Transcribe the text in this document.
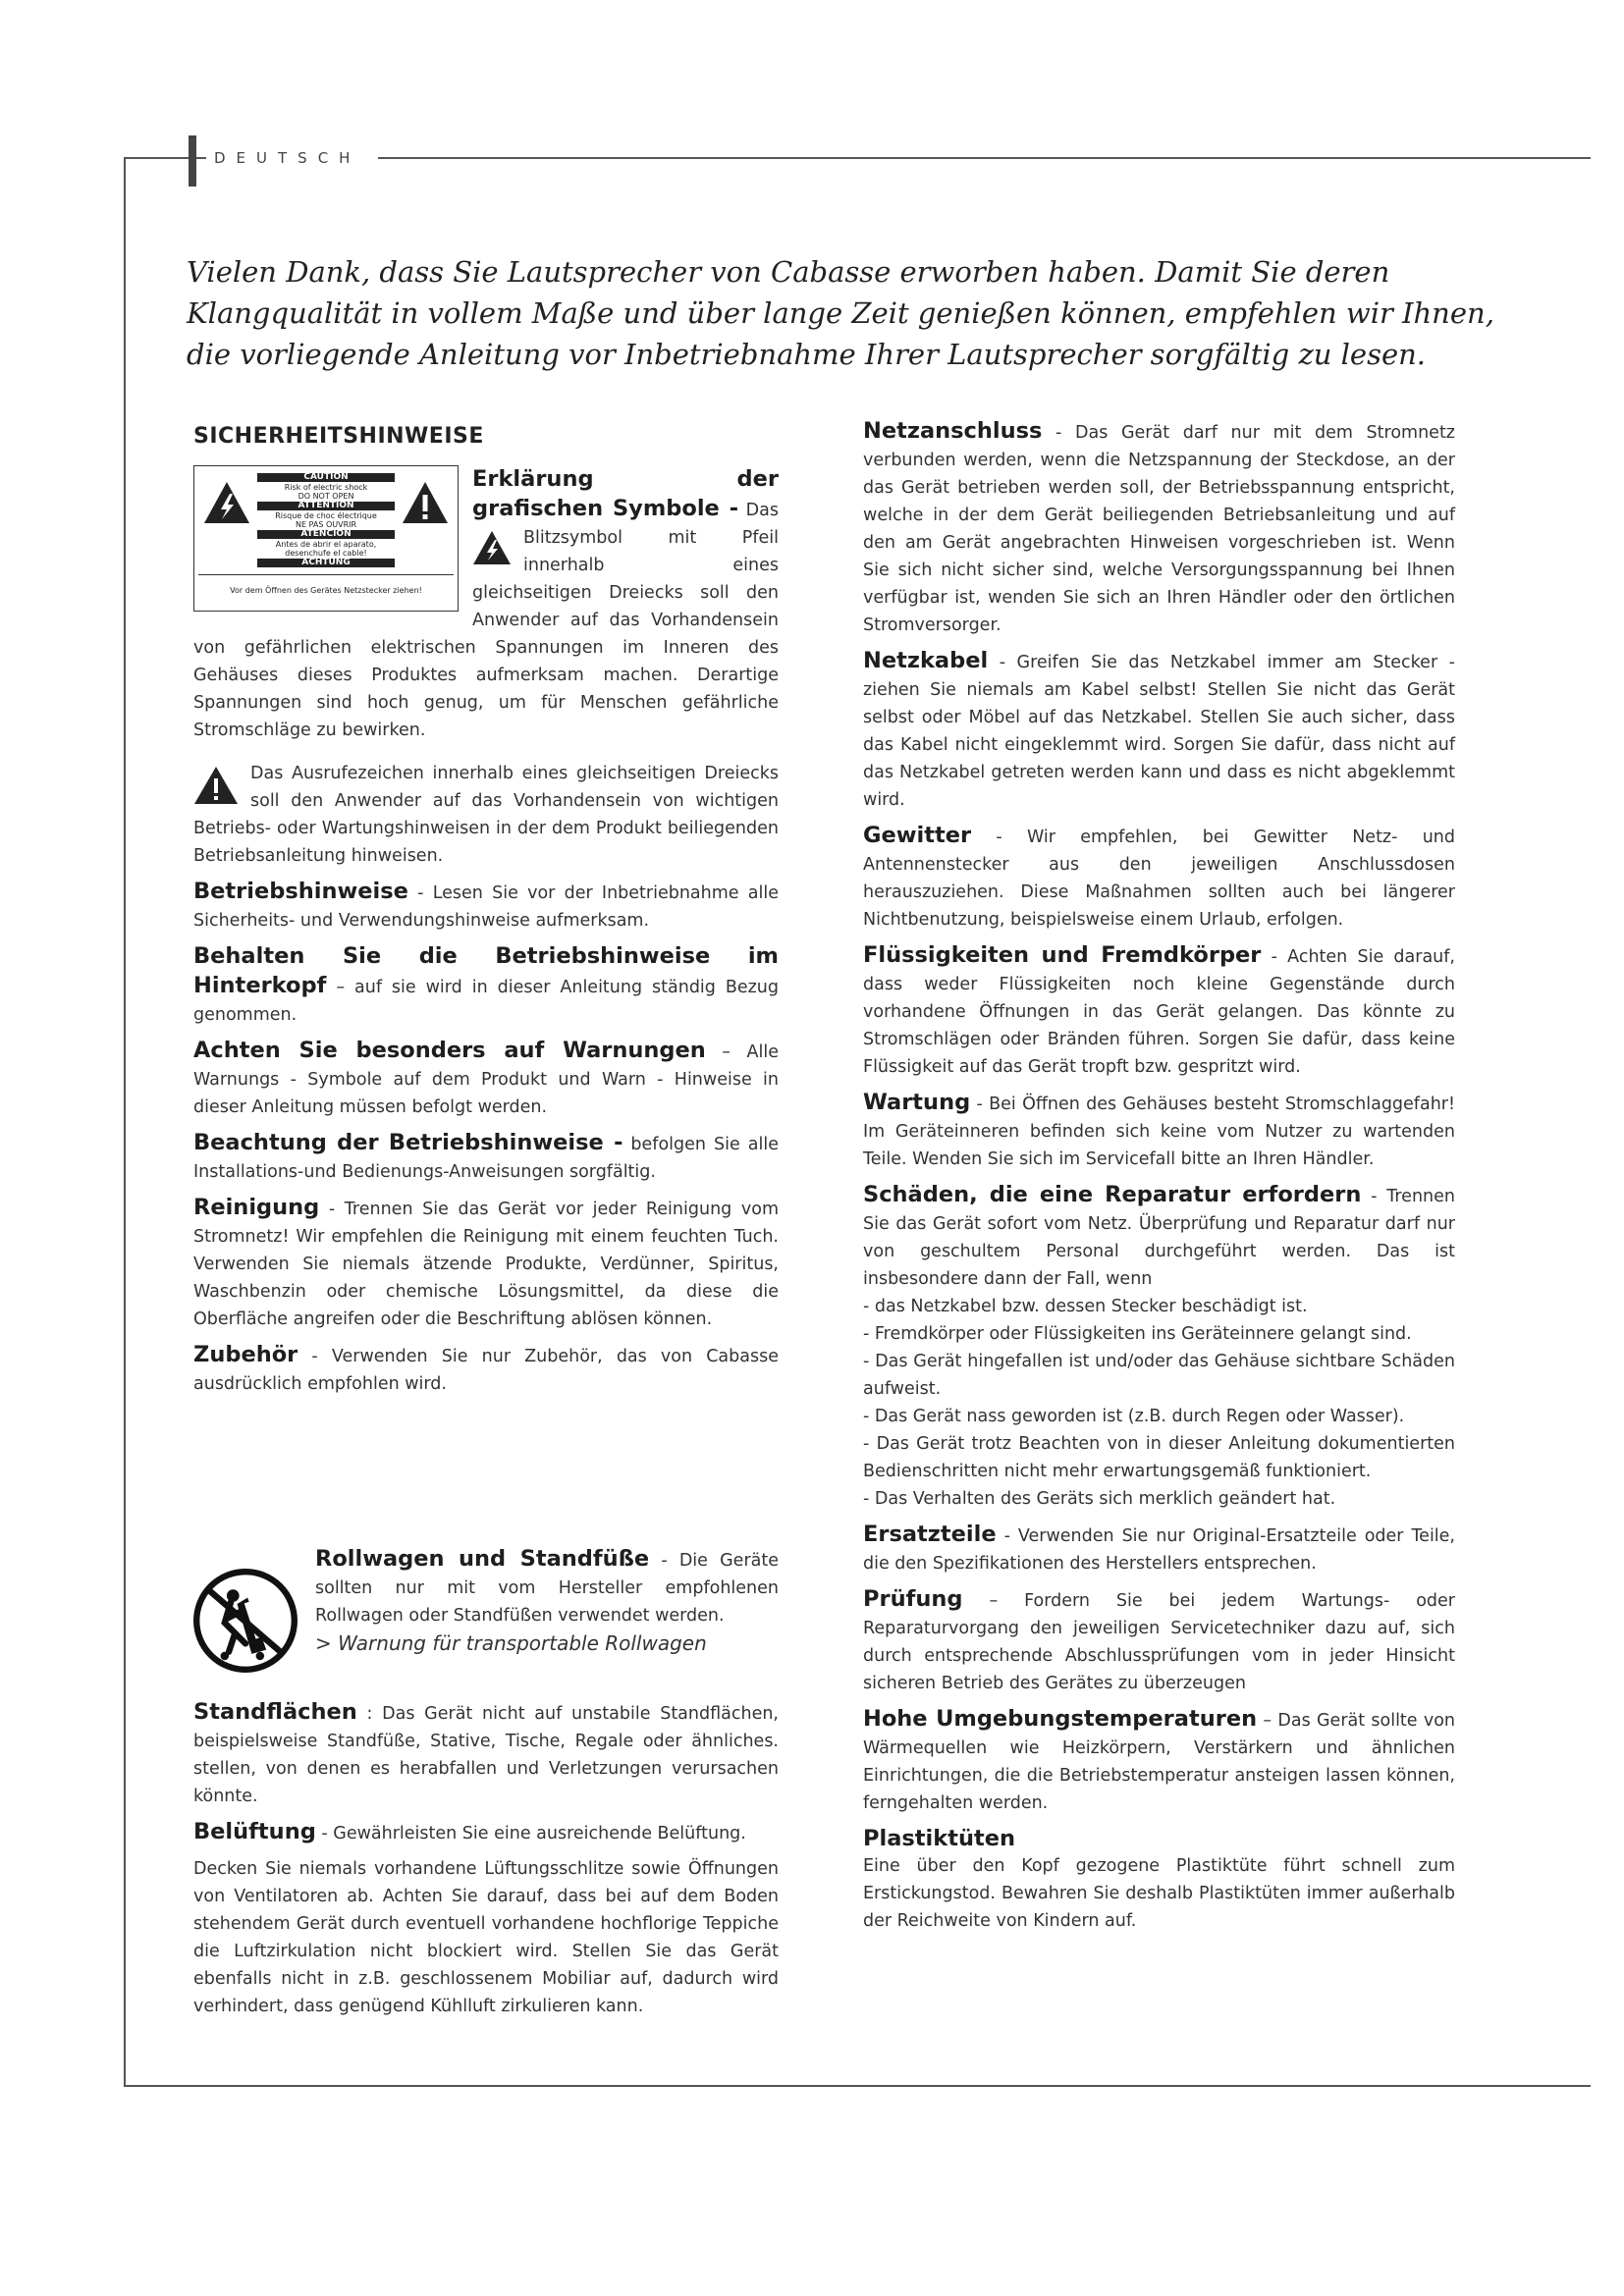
DEUTSCH
Vielen Dank, dass Sie Lautsprecher von Cabasse erworben haben. Damit Sie deren
Klangqualität in vollem Maße und über lange Zeit genießen können, empfehlen wir Ihnen,
die vorliegende Anleitung vor Inbetriebnahme Ihrer Lautsprecher sorgfältig zu lesen.
SICHERHEITSHINWEISE
CAUTION
Risk of electric shock
DO NOT OPEN
ATTENTION
Risque de choc électrique
NE PAS OUVRIR
ATENCIÓN
Antes de abrir el aparato, desenchufe el cable!
ACHTUNG
Vor dem Öffnen des Gerätes Netzstecker ziehen!

Erklärung der grafischen Symbole - Das Blitzsymbol mit Pfeil innerhalb eines gleichseitigen Dreiecks soll den Anwender auf das Vorhandensein von gefährlichen elektrischen Spannungen im Inneren des Gehäuses dieses Produktes aufmerksam machen. Derartige Spannungen sind hoch genug, um für Menschen gefährliche Stromschläge zu bewirken.

Das Ausrufezeichen innerhalb eines gleichseitigen Dreiecks soll den Anwender auf das Vorhandensein von wichtigen Betriebs- oder Wartungshinweisen in der dem Produkt beiliegenden Betriebsanleitung hinweisen.

Betriebshinweise - Lesen Sie vor der Inbetriebnahme alle Sicherheits- und Verwendungshinweise aufmerksam.

Behalten Sie die Betriebshinweise im Hinterkopf – auf sie wird in dieser Anleitung ständig Bezug genommen.

Achten Sie besonders auf Warnungen – Alle Warnungs - Symbole auf dem Produkt und Warn - Hinweise in dieser Anleitung müssen befolgt werden.

Beachtung der Betriebshinweise - befolgen Sie alle Installations-und Bedienungs-Anweisungen sorgfältig.

Reinigung - Trennen Sie das Gerät vor jeder Reinigung vom Stromnetz! Wir empfehlen die Reinigung mit einem feuchten Tuch. Verwenden Sie niemals ätzende Produkte, Verdünner, Spiritus, Waschbenzin oder chemische Lösungsmittel, da diese die Oberfläche angreifen oder die Beschriftung ablösen können.

Zubehör - Verwenden Sie nur Zubehör, das von Cabasse ausdrücklich empfohlen wird.

Rollwagen und Standfüße - Die Geräte sollten nur mit vom Hersteller empfohlenen Rollwagen oder Standfüßen verwendet werden.
> Warnung für transportable Rollwagen

Standflächen : Das Gerät nicht auf unstabile Standflächen, beispielsweise Standfüße, Stative, Tische, Regale oder ähnliches. stellen, von denen es herabfallen und Verletzungen verursachen könnte.

Belüftung - Gewährleisten Sie eine ausreichende Belüftung.

Decken Sie niemals vorhandene Lüftungsschlitze sowie Öffnungen von Ventilatoren ab. Achten Sie darauf, dass bei auf dem Boden stehendem Gerät durch eventuell vorhandene hochflorige Teppiche die Luftzirkulation nicht blockiert wird. Stellen Sie das Gerät ebenfalls nicht in z.B. geschlossenem Mobiliar auf, dadurch wird verhindert, dass genügend Kühlluft zirkulieren kann.

Netzanschluss - Das Gerät darf nur mit dem Stromnetz verbunden werden, wenn die Netzspannung der Steckdose, an der das Gerät betrieben werden soll, der Betriebsspannung entspricht, welche in der dem Gerät beiliegenden Betriebsanleitung und auf den am Gerät angebrachten Hinweisen vorgeschrieben ist. Wenn Sie sich nicht sicher sind, welche Versorgungsspannung bei Ihnen verfügbar ist, wenden Sie sich an Ihren Händler oder den örtlichen Stromversorger.

Netzkabel - Greifen Sie das Netzkabel immer am Stecker - ziehen Sie niemals am Kabel selbst! Stellen Sie nicht das Gerät selbst oder Möbel auf das Netzkabel. Stellen Sie auch sicher, dass das Kabel nicht eingeklemmt wird. Sorgen Sie dafür, dass nicht auf das Netzkabel getreten werden kann und dass es nicht abgeklemmt wird.

Gewitter - Wir empfehlen, bei Gewitter Netz- und Antennenstecker aus den jeweiligen Anschlussdosen herauszuziehen. Diese Maßnahmen sollten auch bei längerer Nichtbenutzung, beispielsweise einem Urlaub, erfolgen.

Flüssigkeiten und Fremdkörper - Achten Sie darauf, dass weder Flüssigkeiten noch kleine Gegenstände durch vorhandene Öffnungen in das Gerät gelangen. Das könnte zu Stromschlägen oder Bränden führen. Sorgen Sie dafür, dass keine Flüssigkeit auf das Gerät tropft bzw. gespritzt wird.

Wartung - Bei Öffnen des Gehäuses besteht Stromschlaggefahr! Im Geräteinneren befinden sich keine vom Nutzer zu wartenden Teile. Wenden Sie sich im Servicefall bitte an Ihren Händler.

Schäden, die eine Reparatur erfordern - Trennen Sie das Gerät sofort vom Netz. Überprüfung und Reparatur darf nur von geschultem Personal durchgeführt werden. Das ist insbesondere dann der Fall, wenn

- das Netzkabel bzw. dessen Stecker beschädigt ist.
- Fremdkörper oder Flüssigkeiten ins Geräteinnere gelangt sind.
- Das Gerät hingefallen ist und/oder das Gehäuse sichtbare Schäden aufweist.
- Das Gerät nass geworden ist (z.B. durch Regen oder Wasser).
- Das Gerät trotz Beachten von in dieser Anleitung dokumentierten Bedienschritten nicht mehr erwartungsgemäß funktioniert.
- Das Verhalten des Geräts sich merklich geändert hat.

Ersatzteile - Verwenden Sie nur Original-Ersatzteile oder Teile, die den Spezifikationen des Herstellers entsprechen.

Prüfung – Fordern Sie bei jedem Wartungs- oder Reparaturvorgang den jeweiligen Servicetechniker dazu auf, sich durch entsprechende Abschlussprüfungen vom in jeder Hinsicht sicheren Betrieb des Gerätes zu überzeugen

Hohe Umgebungstemperaturen – Das Gerät sollte von Wärmequellen wie Heizkörpern, Verstärkern und ähnlichen Einrichtungen, die die Betriebstemperatur ansteigen lassen können, ferngehalten werden.

Plastiktüten

Eine über den Kopf gezogene Plastiktüte führt schnell zum Erstickungstod. Bewahren Sie deshalb Plastiktüten immer außerhalb der Reichweite von Kindern auf.
